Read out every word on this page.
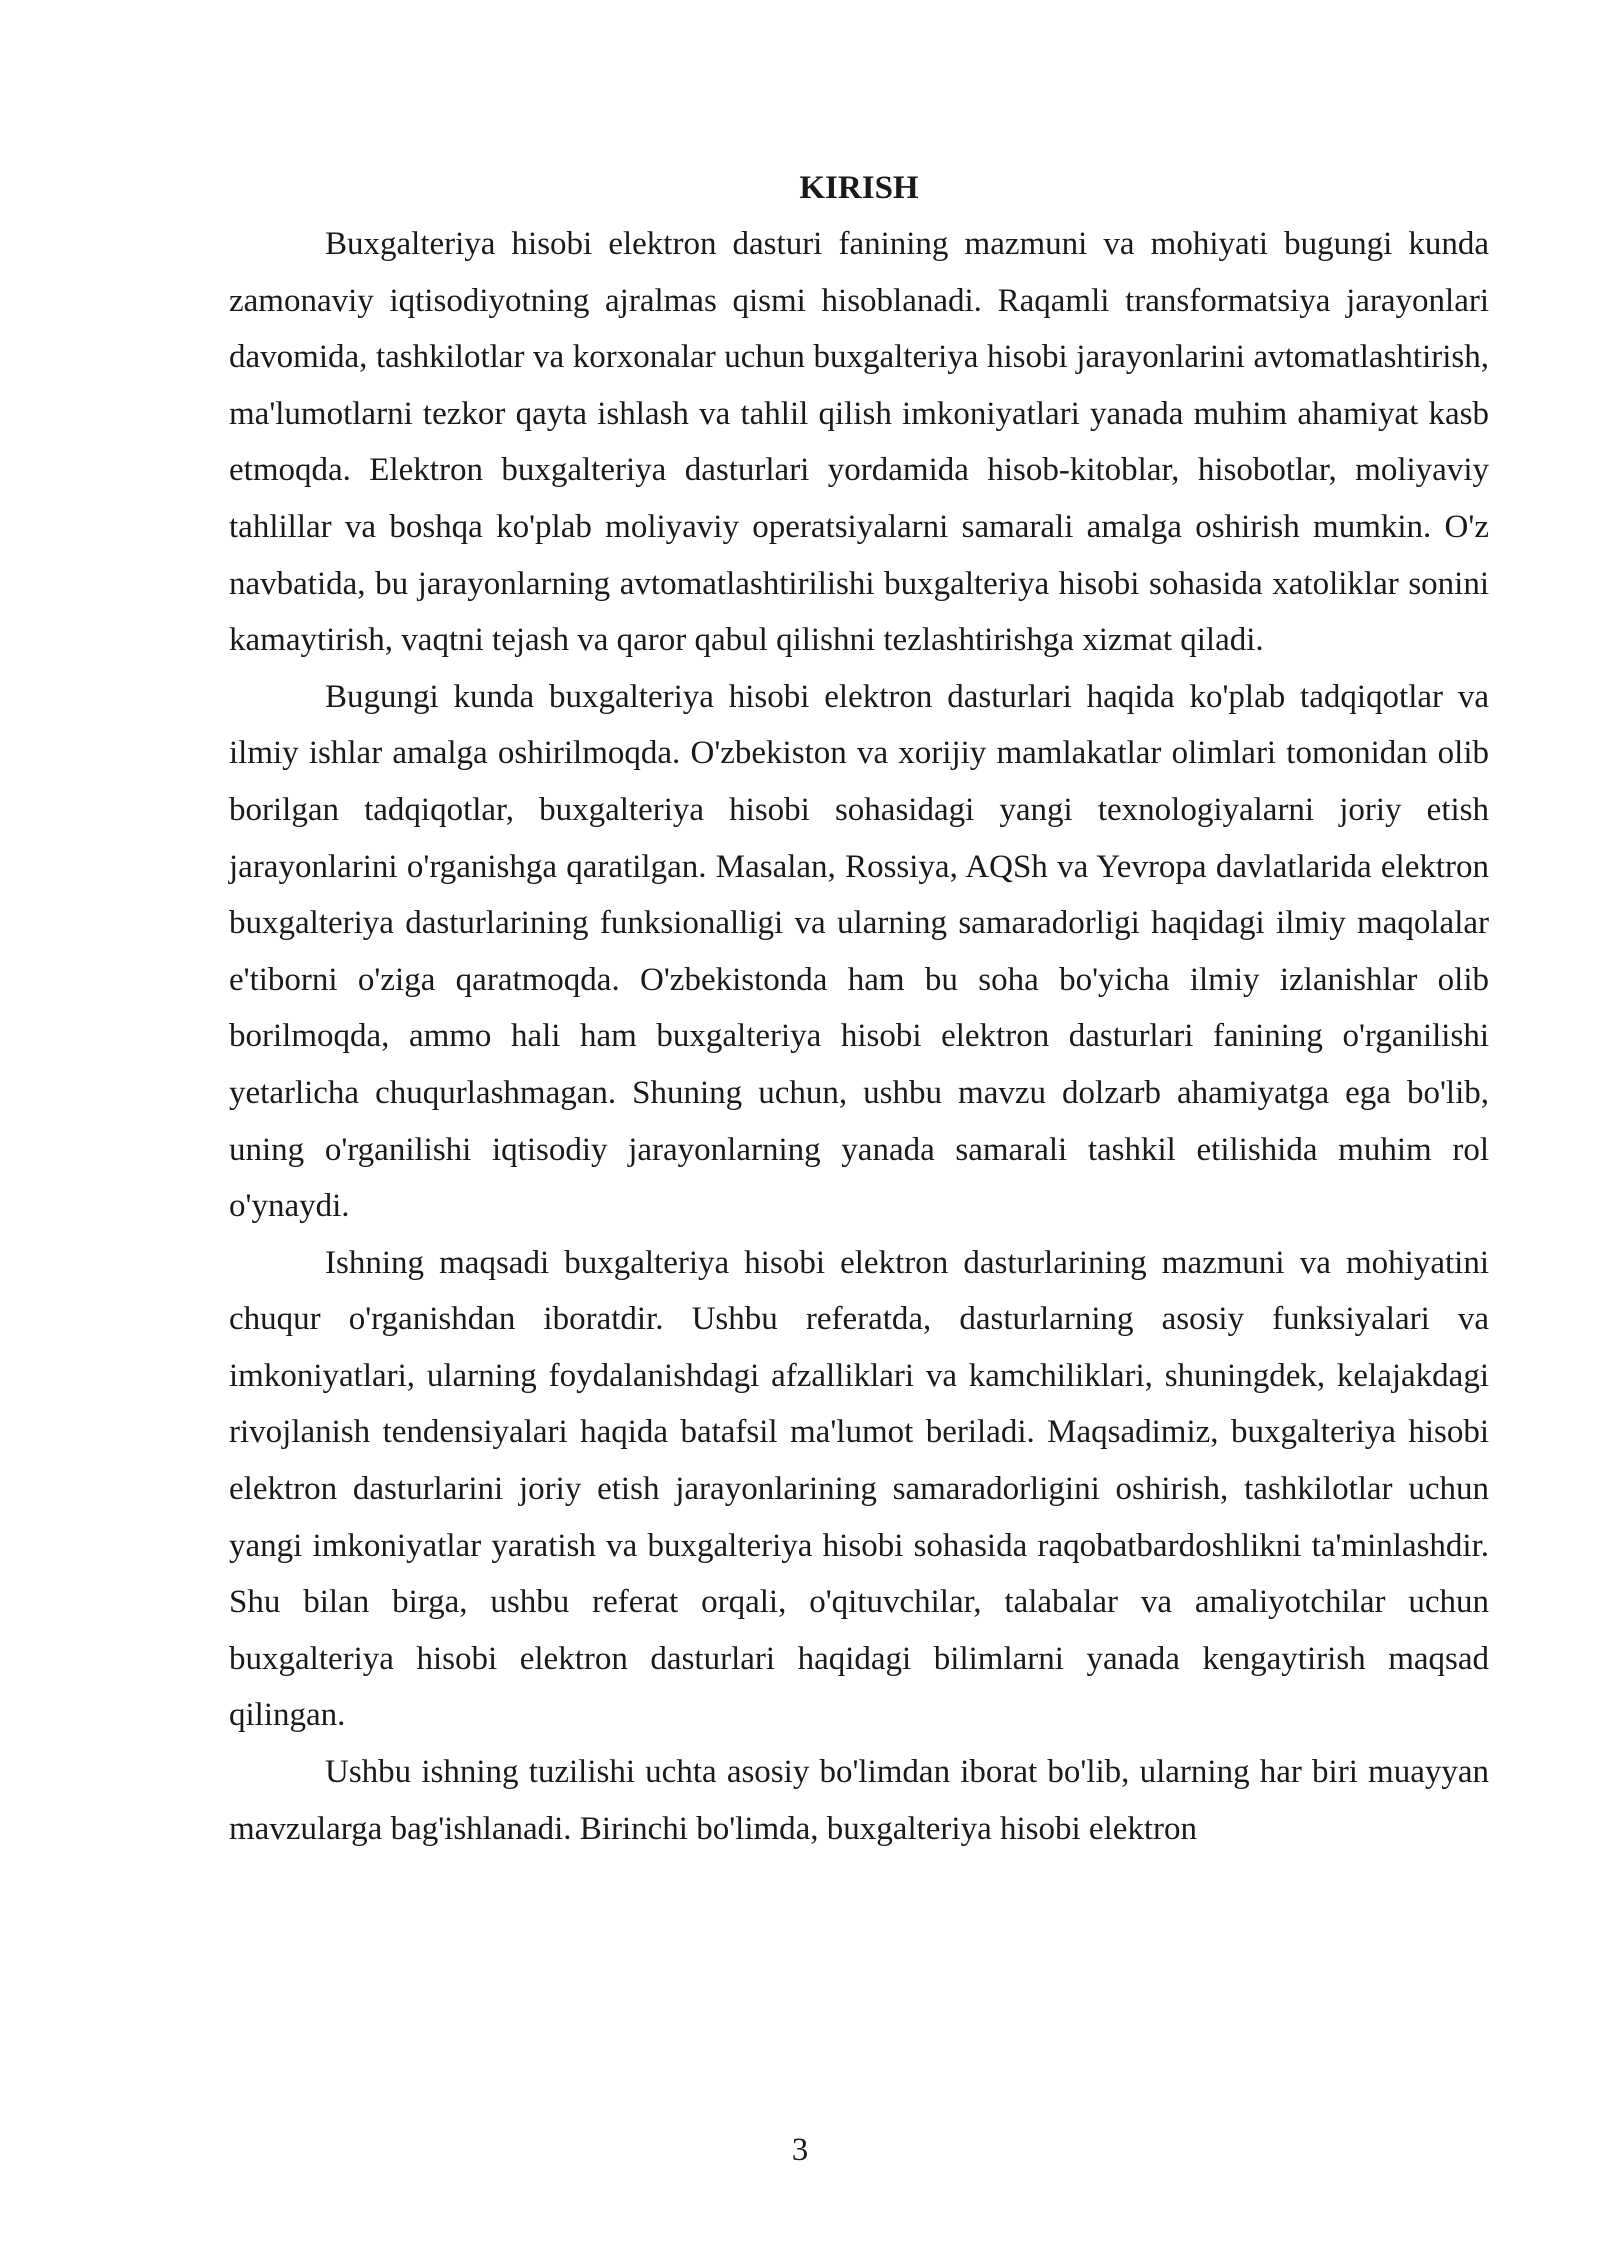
KIRISH

Buxgalteriya hisobi elektron dasturi fanining mazmuni va mohiyati bugungi kunda zamonaviy iqtisodiyotning ajralmas qismi hisoblanadi. Raqamli transformatsiya jarayonlari davomida, tashkilotlar va korxonalar uchun buxgalteriya hisobi jarayonlarini avtomatlashtirish, ma'lumotlarni tezkor qayta ishlash va tahlil qilish imkoniyatlari yanada muhim ahamiyat kasb etmoqda. Elektron buxgalteriya dasturlari yordamida hisob-kitoblar, hisobotlar, moliyaviy tahlillar va boshqa ko'plab moliyaviy operatsiyalarni samarali amalga oshirish mumkin. O'z navbatida, bu jarayonlarning avtomatlashtirilishi buxgalteriya hisobi sohasida xatoliklar sonini kamaytirish, vaqtni tejash va qaror qabul qilishni tezlashtirishga xizmat qiladi.

Bugungi kunda buxgalteriya hisobi elektron dasturlari haqida ko'plab tadqiqotlar va ilmiy ishlar amalga oshirilmoqda. O'zbekiston va xorijiy mamlakatlar olimlari tomonidan olib borilgan tadqiqotlar, buxgalteriya hisobi sohasidagi yangi texnologiyalarni joriy etish jarayonlarini o'rganishga qaratilgan. Masalan, Rossiya, AQSh va Yevropa davlatlarida elektron buxgalteriya dasturlarining funksionalligi va ularning samaradorligi haqidagi ilmiy maqolalar e'tiborni o'ziga qaratmoqda. O'zbekistonda ham bu soha bo'yicha ilmiy izlanishlar olib borilmoqda, ammo hali ham buxgalteriya hisobi elektron dasturlari fanining o'rganilishi yetarlicha chuqurlashmagan. Shuning uchun, ushbu mavzu dolzarb ahamiyatga ega bo'lib, uning o'rganilishi iqtisodiy jarayonlarning yanada samarali tashkil etilishida muhim rol o'ynaydi.

Ishning maqsadi buxgalteriya hisobi elektron dasturlarining mazmuni va mohiyatini chuqur o'rganishdan iboratdir. Ushbu referatda, dasturlarning asosiy funksiyalari va imkoniyatlari, ularning foydalanishdagi afzalliklari va kamchiliklari, shuningdek, kelajakdagi rivojlanish tendensiyalari haqida batafsil ma'lumot beriladi. Maqsadimiz, buxgalteriya hisobi elektron dasturlarini joriy etish jarayonlarining samaradorligini oshirish, tashkilotlar uchun yangi imkoniyatlar yaratish va buxgalteriya hisobi sohasida raqobatbardoshlikni ta'minlashdir. Shu bilan birga, ushbu referat orqali, o'qituvchilar, talabalar va amaliyotchilar uchun buxgalteriya hisobi elektron dasturlari haqidagi bilimlarni yanada kengaytirish maqsad qilingan.

Ushbu ishning tuzilishi uchta asosiy bo'limdan iborat bo'lib, ularning har biri muayyan mavzularga bag'ishlanadi. Birinchi bo'limda, buxgalteriya hisobi elektron

3
